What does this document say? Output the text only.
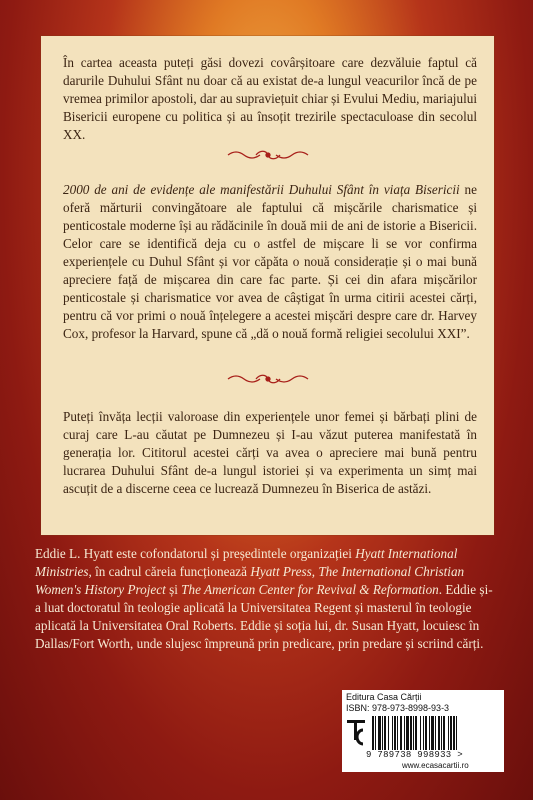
În cartea aceasta puteți găsi dovezi covârșitoare care dezvăluie faptul că darurile Duhului Sfânt nu doar că au existat de-a lungul veacurilor încă de pe vremea primilor apostoli, dar au supraviețuit chiar și Evului Mediu, mariajului Bisericii europene cu politica și au însoțit trezirile spectaculoase din secolul XX.

2000 de ani de evidențe ale manifestării Duhului Sfânt în viața Bisericii ne oferă mărturii convingătoare ale faptului că mișcările charismatice și penticostale moderne își au rădăcinile în două mii de ani de istorie a Bisericii. Celor care se identifică deja cu o astfel de mișcare li se vor confirma experiențele cu Duhul Sfânt și vor căpăta o nouă considerație și o mai bună apreciere față de mișcarea din care fac parte. Și cei din afara mișcărilor penticostale și charismatice vor avea de câștigat în urma citirii acestei cărți, pentru că vor primi o nouă înțelegere a acestei mișcări despre care dr. Harvey Cox, profesor la Harvard, spune că „dă o nouă formă religiei secolului XXI”.

Puteți învăța lecții valoroase din experiențele unor femei și bărbați plini de curaj care L-au căutat pe Dumnezeu și I-au văzut puterea manifestată în generația lor. Cititorul acestei cărți va avea o apreciere mai bună pentru lucrarea Duhului Sfânt de-a lungul istoriei și va experimenta un simț mai ascuțit de a discerne ceea ce lucrează Dumnezeu în Biserica de astăzi.

Eddie L. Hyatt este cofondatorul și președintele organizației Hyatt International Ministries, în cadrul căreia funcționează Hyatt Press, The International Christian Women's History Project și The American Center for Revival & Reformation. Eddie și-a luat doctoratul în teologie aplicată la Universitatea Regent și masterul în teologie aplicată la Universitatea Oral Roberts. Eddie și soția lui, dr. Susan Hyatt, locuiesc în Dallas/Fort Worth, unde slujesc împreună prin predicare, prin predare și scriind cărți.

Editura Casa Cărții
ISBN: 978-973-8998-93-3
9 789738 998933 >
www.ecasacartii.ro
